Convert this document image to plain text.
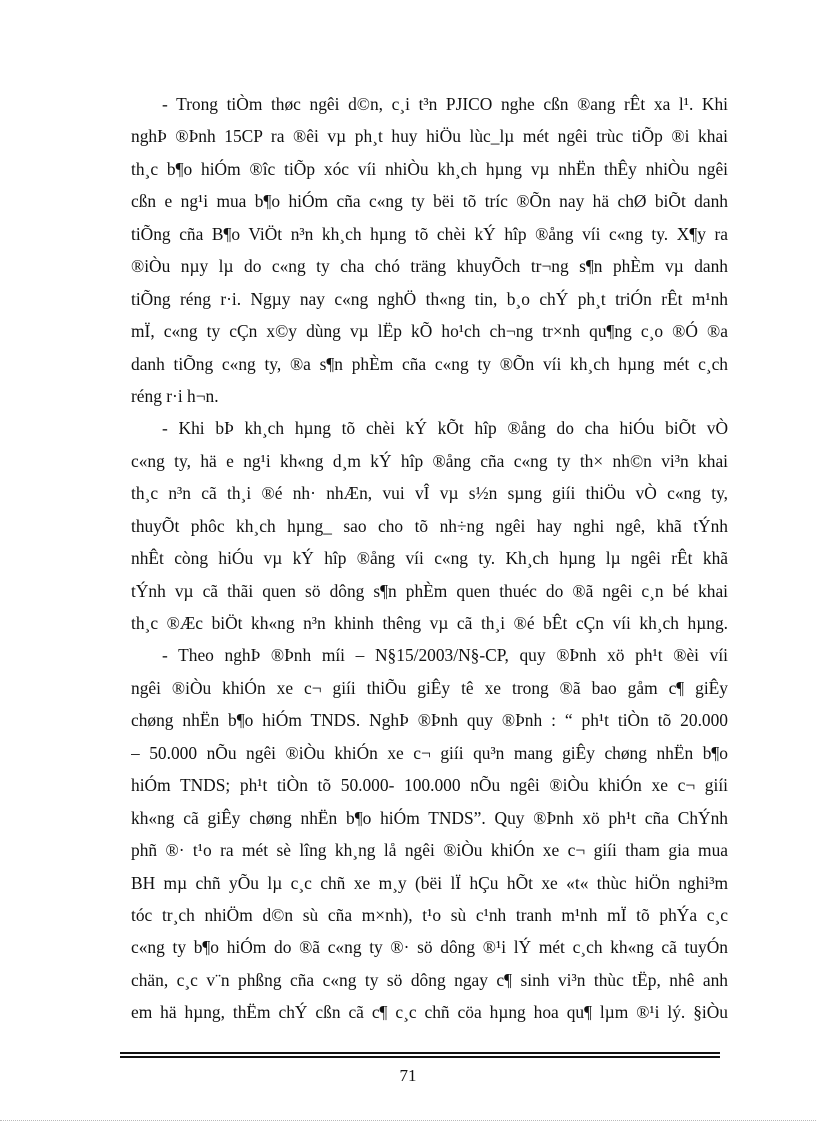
- Trong tiÒm thøc ngêi d©n, c¸i t³n PJICO nghe cßn ®ang rÊt xa l¹. Khi
nghÞ ®Þnh 15CP ra ®êi vµ ph¸t huy hiÖu lùc_lµ mét ngêi trùc tiÕp ®i khai
th¸c b¶o hiÓm ®îc tiÕp xóc víi nhiÒu kh¸ch hµng vµ nhËn thÊy nhiÒu ngêi
cßn e ng¹i mua b¶o hiÓm cña c«ng ty bëi tõ tríc ®Õn nay hä chØ biÕt danh
tiÕng cña B¶o ViÖt n³n kh¸ch hµng tõ chèi kÝ hîp ®ång víi c«ng ty. X¶y ra
®iÒu nµy lµ do c«ng ty cha chó träng khuyÕch tr¬ng s¶n phÈm vµ danh
tiÕng réng r·i. Ngµy nay c«ng nghÖ th«ng tin, b¸o chÝ ph¸t triÓn rÊt m¹nh
mÏ, c«ng ty cÇn x©y dùng vµ lËp kÕ ho¹ch ch¬ng tr×nh qu¶ng c¸o ®Ó ®a
danh tiÕng c«ng ty, ®a s¶n phÈm cña c«ng ty ®Õn víi kh¸ch hµng mét c¸ch
réng r·i h¬n.
- Khi bÞ kh¸ch hµng tõ chèi kÝ kÕt hîp ®ång do cha hiÓu biÕt vÒ
c«ng ty, hä e ng¹i kh«ng d¸m kÝ hîp ®ång cña c«ng ty th× nh©n vi³n khai
th¸c n³n cã th¸i ®é nh· nhÆn, vui vÎ vµ s½n sµng giíi thiÖu vÒ c«ng ty,
thuyÕt phôc kh¸ch hµng_ sao cho tõ nh÷ng ngêi hay nghi ngê, khã tÝnh
nhÊt còng hiÓu vµ kÝ hîp ®ång víi c«ng ty. Kh¸ch hµng lµ ngêi rÊt khã
tÝnh vµ cã thãi quen sö dông s¶n phÈm quen thuéc do ®ã ngêi c¸n bé khai
th¸c ®Æc biÖt kh«ng n³n khinh thêng vµ cã th¸i ®é bÊt cÇn víi kh¸ch hµng.
- Theo nghÞ ®Þnh míi – N§15/2003/N§-CP, quy ®Þnh xö ph¹t ®èi víi
ngêi ®iÒu khiÓn xe c¬ giíi thiÕu giÊy tê xe trong ®ã bao gåm c¶ giÊy
chøng nhËn b¶o hiÓm TNDS. NghÞ ®Þnh quy ®Þnh : “ ph¹t tiÒn tõ 20.000
– 50.000 nÕu ngêi ®iÒu khiÓn xe c¬ giíi qu³n mang giÊy chøng nhËn b¶o
hiÓm TNDS; ph¹t tiÒn tõ 50.000- 100.000 nÕu ngêi ®iÒu khiÓn xe c¬ giíi
kh«ng cã giÊy chøng nhËn b¶o hiÓm TNDS”. Quy ®Þnh xö ph¹t cña ChÝnh
phñ ®· t¹o ra mét sè lîng kh¸ng lå ngêi ®iÒu khiÓn xe c¬ giíi tham gia mua
BH mµ chñ yÕu lµ c¸c chñ xe m¸y (bëi lÏ hÇu hÕt xe «t« thùc hiÖn nghi³m
tóc tr¸ch nhiÖm d©n sù cña m×nh), t¹o sù c¹nh tranh m¹nh mÏ tõ phÝa c¸c
c«ng ty b¶o hiÓm do ®ã c«ng ty ®· sö dông ®¹i lÝ mét c¸ch kh«ng cã tuyÓn
chän, c¸c v¨n phßng cña c«ng ty sö dông ngay c¶ sinh vi³n thùc tËp, nhê anh
em hä hµng, thËm chÝ cßn cã c¶ c¸c chñ cöa hµng hoa qu¶ lµm ®¹i lý. §iÒu
71
